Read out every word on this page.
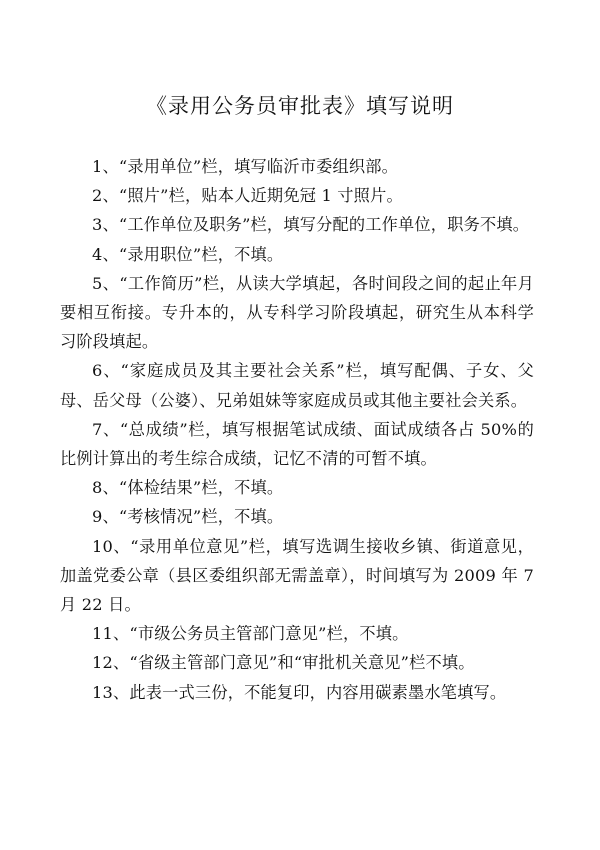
《录用公务员审批表》填写说明

1、“录用单位”栏，填写临沂市委组织部。

2、“照片”栏，贴本人近期免冠 1 寸照片。

3、“工作单位及职务”栏，填写分配的工作单位，职务不填。

4、“录用职位”栏，不填。

5、“工作简历”栏，从读大学填起，各时间段之间的起止年月要相互衔接。专升本的，从专科学习阶段填起，研究生从本科学习阶段填起。

6、“家庭成员及其主要社会关系”栏，填写配偶、子女、父母、岳父母（公婆）、兄弟姐妹等家庭成员或其他主要社会关系。

7、“总成绩”栏，填写根据笔试成绩、面试成绩各占 50%的比例计算出的考生综合成绩，记忆不清的可暂不填。

8、“体检结果”栏，不填。

9、“考核情况”栏，不填。

10、“录用单位意见”栏，填写选调生接收乡镇、街道意见，加盖党委公章（县区委组织部无需盖章），时间填写为 2009 年 7 月 22 日。

11、“市级公务员主管部门意见”栏，不填。

12、“省级主管部门意见”和“审批机关意见”栏不填。

13、此表一式三份，不能复印，内容用碳素墨水笔填写。
